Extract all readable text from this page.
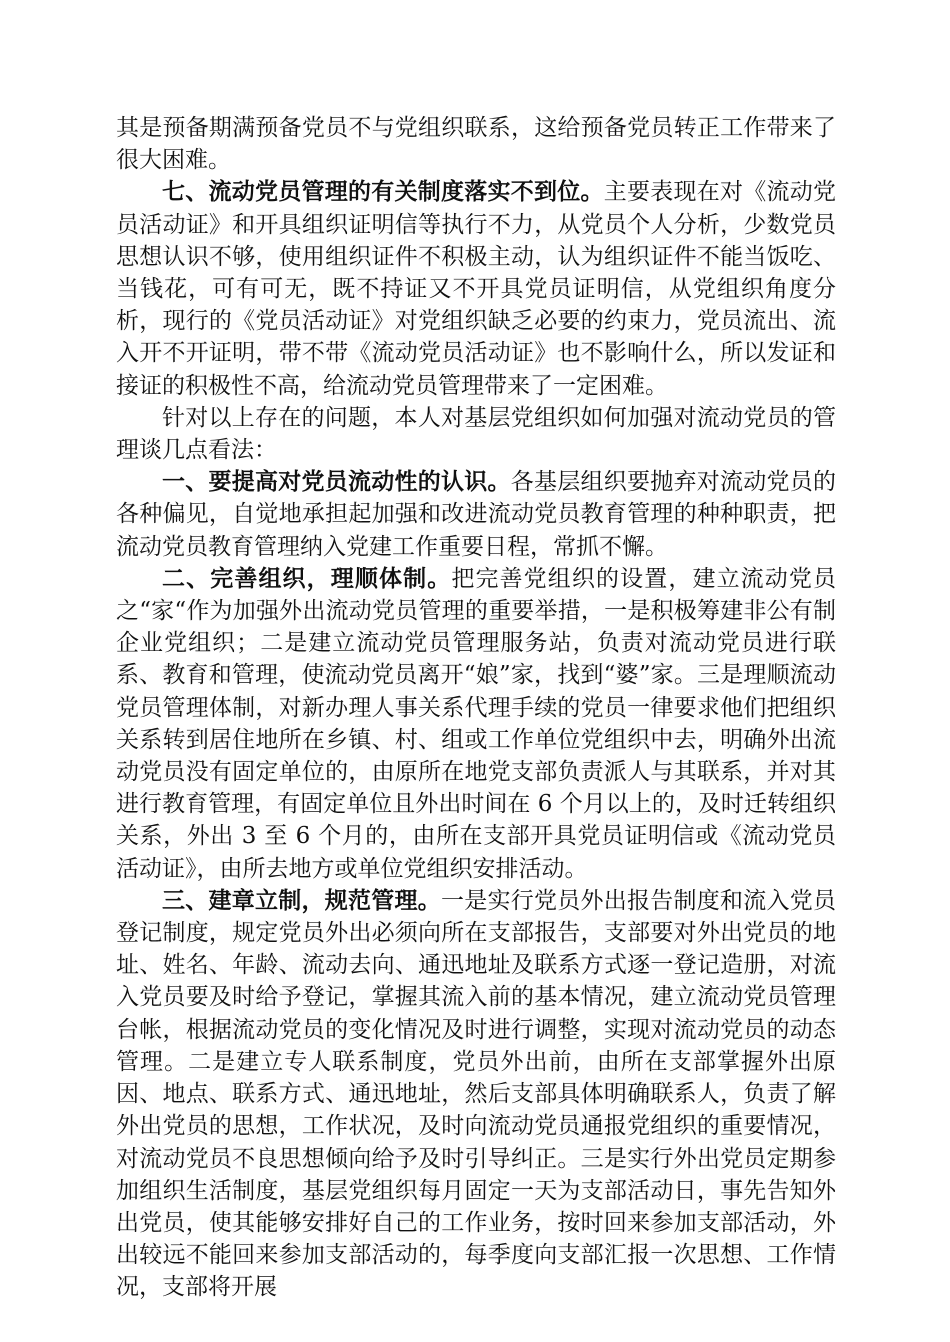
其是预备期满预备党员不与党组织联系，这给预备党员转正工作带来了很大困难。

七、流动党员管理的有关制度落实不到位。主要表现在对《流动党员活动证》和开具组织证明信等执行不力，从党员个人分析，少数党员思想认识不够，使用组织证件不积极主动，认为组织证件不能当饭吃、当钱花，可有可无，既不持证又不开具党员证明信，从党组织角度分析，现行的《党员活动证》对党组织缺乏必要的约束力，党员流出、流入开不开证明，带不带《流动党员活动证》也不影响什么，所以发证和接证的积极性不高，给流动党员管理带来了一定困难。

针对以上存在的问题，本人对基层党组织如何加强对流动党员的管理谈几点看法：

一、要提高对党员流动性的认识。各基层组织要抛弃对流动党员的各种偏见，自觉地承担起加强和改进流动党员教育管理的种种职责，把流动党员教育管理纳入党建工作重要日程，常抓不懈。

二、完善组织，理顺体制。把完善党组织的设置，建立流动党员之“家“作为加强外出流动党员管理的重要举措，一是积极筹建非公有制企业党组织；二是建立流动党员管理服务站，负责对流动党员进行联系、教育和管理，使流动党员离开“娘”家，找到“婆”家。三是理顺流动党员管理体制，对新办理人事关系代理手续的党员一律要求他们把组织关系转到居住地所在乡镇、村、组或工作单位党组织中去，明确外出流动党员没有固定单位的，由原所在地党支部负责派人与其联系，并对其进行教育管理，有固定单位且外出时间在 6 个月以上的，及时迁转组织关系，外出 3 至 6 个月的，由所在支部开具党员证明信或《流动党员活动证》，由所去地方或单位党组织安排活动。

三、建章立制，规范管理。一是实行党员外出报告制度和流入党员登记制度，规定党员外出必须向所在支部报告，支部要对外出党员的地址、姓名、年龄、流动去向、通迅地址及联系方式逐一登记造册，对流入党员要及时给予登记，掌握其流入前的基本情况，建立流动党员管理台帐，根据流动党员的变化情况及时进行调整，实现对流动党员的动态管理。二是建立专人联系制度，党员外出前，由所在支部掌握外出原因、地点、联系方式、通迅地址，然后支部具体明确联系人，负责了解外出党员的思想，工作状况，及时向流动党员通报党组织的重要情况，对流动党员不良思想倾向给予及时引导纠正。三是实行外出党员定期参加组织生活制度，基层党组织每月固定一天为支部活动日，事先告知外出党员，使其能够安排好自己的工作业务，按时回来参加支部活动，外出较远不能回来参加支部活动的，每季度向支部汇报一次思想、工作情况，支部将开展
